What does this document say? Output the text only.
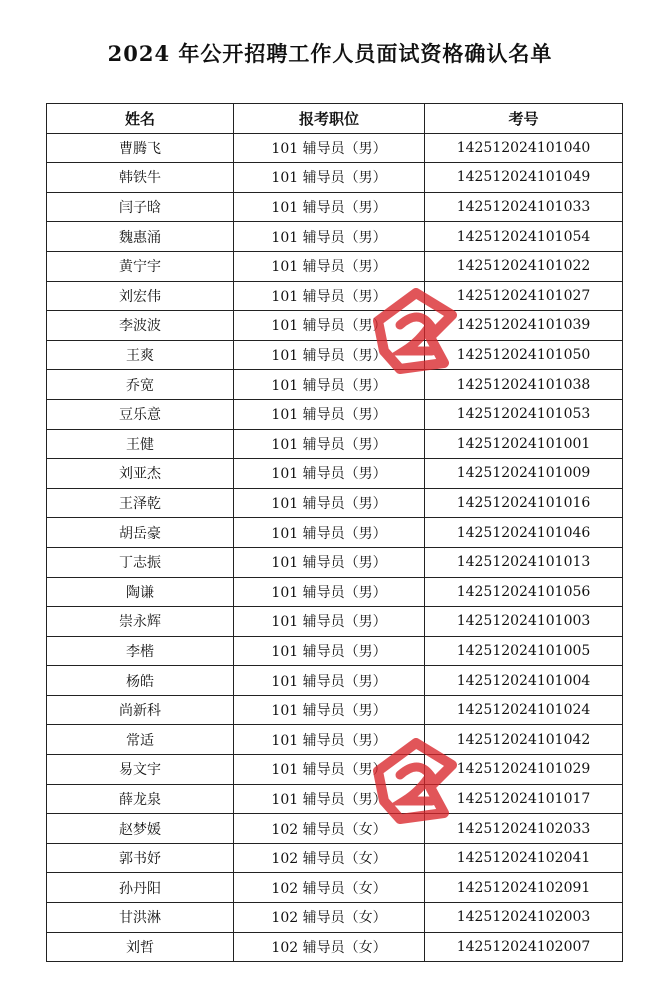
2024 年公开招聘工作人员面试资格确认名单
姓名	报考职位	考号
曹腾飞	101 辅导员（男）	142512024101040
韩铁牛	101 辅导员（男）	142512024101049
闫子晗	101 辅导员（男）	142512024101033
魏惠涌	101 辅导员（男）	142512024101054
黄宁宇	101 辅导员（男）	142512024101022
刘宏伟	101 辅导员（男）	142512024101027
李波波	101 辅导员（男）	142512024101039
王爽	101 辅导员（男）	142512024101050
乔宽	101 辅导员（男）	142512024101038
豆乐意	101 辅导员（男）	142512024101053
王健	101 辅导员（男）	142512024101001
刘亚杰	101 辅导员（男）	142512024101009
王泽乾	101 辅导员（男）	142512024101016
胡岳豪	101 辅导员（男）	142512024101046
丁志振	101 辅导员（男）	142512024101013
陶谦	101 辅导员（男）	142512024101056
崇永辉	101 辅导员（男）	142512024101003
李楷	101 辅导员（男）	142512024101005
杨皓	101 辅导员（男）	142512024101004
尚新科	101 辅导员（男）	142512024101024
常适	101 辅导员（男）	142512024101042
易文宇	101 辅导员（男）	142512024101029
薛龙泉	101 辅导员（男）	142512024101017
赵梦媛	102 辅导员（女）	142512024102033
郭书妤	102 辅导员（女）	142512024102041
孙丹阳	102 辅导员（女）	142512024102091
甘洪淋	102 辅导员（女）	142512024102003
刘哲	102 辅导员（女）	142512024102007
